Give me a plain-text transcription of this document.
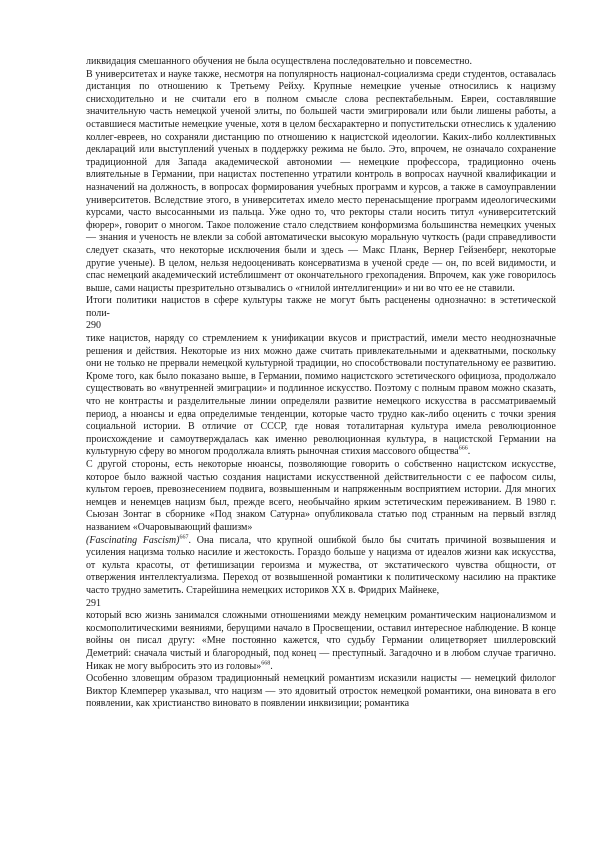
ликвидация смешанного обучения не была осуществлена последовательно и повсеместно.

В университетах и науке также, несмотря на популярность национал-социализма среди студентов, оставалась дистанция по отношению к Третьему Рейху. Крупные немецкие ученые относились к нацизму снисходительно и не считали его в полном смысле слова респектабельным. Евреи, составлявшие значительную часть немецкой ученой элиты, по большей части эмигрировали или были лишены работы, а оставшиеся маститые немецкие ученые, хотя в целом бесхарактерно и попустительски отнеслись к удалению коллег-евреев, но сохраняли дистанцию по отношению к нацистской идеологии. Каких-либо коллективных деклараций или выступлений ученых в поддержку режима не было. Это, впрочем, не означало сохранение традиционной для Запада академической автономии — немецкие профессора, традиционно очень влиятельные в Германии, при нацистах постепенно утратили контроль в вопросах научной квалификации и назначений на должность, в вопросах формирования учебных программ и курсов, а также в самоуправлении университетов. Вследствие этого, в университетах имело место перенасыщение программ идеологическими курсами, часто высосанными из пальца. Уже одно то, что ректоры стали носить титул «университетский фюрер», говорит о многом. Такое положение стало следствием конформизма большинства немецких ученых — знания и ученость не влекли за собой автоматически высокую моральную чуткость (ради справедливости следует сказать, что некоторые исключения были и здесь — Макс Планк, Вернер Гейзенберг, некоторые другие ученые). В целом, нельзя недооценивать консерватизма в ученой среде — он, по всей видимости, и спас немецкий академический истеблишмент от окончательного грехопадения. Впрочем, как уже говорилось выше, сами нацисты презрительно отзывались о «гнилой интеллигенции» и ни во что ее не ставили.

Итоги политики нацистов в сфере культуры также не могут быть расценены однозначно: в эстетической поли-

290

тике нацистов, наряду со стремлением к унификации вкусов и пристрастий, имели место неоднозначные решения и действия. Некоторые из них можно даже считать привлекательными и адекватными, поскольку они не только не прервали немецкой культурной традиции, но способствовали поступательному ее развитию. Кроме того, как было показано выше, в Германии, помимо нацистского эстетического официоза, продолжало существовать во «внутренней эмиграции» и подлинное искусство. Поэтому с полным правом можно сказать, что не контрасты и разделительные линии определяли развитие немецкого искусства в рассматриваемый период, а нюансы и едва определимые тенденции, которые часто трудно как-либо оценить с точки зрения социальной истории. В отличие от СССР, где новая тоталитарная культура имела революционное происхождение и самоутверждалась как именно революционная культура, в нацистской Германии на культурную сферу во многом продолжала влиять рыночная стихия массового общества$^{666}$.

С другой стороны, есть некоторые нюансы, позволяющие говорить о собственно нацистском искусстве, которое было важной частью создания нацистами искусственной действительности с ее пафосом силы, культом героев, превознесением подвига, возвышенным и напряженным восприятием истории. Для многих немцев и ненемцев нацизм был, прежде всего, необычайно ярким эстетическим переживанием. В 1980 г. Сьюзан Зонтаг в сборнике «Под знаком Сатурна» опубликовала статью под странным на первый взгляд названием «Очаровывающий фашизм»

(Fascinating Fascism)$^{667}$. Она писала, что крупной ошибкой было бы считать причиной возвышения и усиления нацизма только насилие и жестокость. Гораздо больше у нацизма от идеалов жизни как искусства, от культа красоты, от фетишизации героизма и мужества, от экстатического чувства общности, от отвержения интеллектуализма. Переход от возвышенной романтики к политическому насилию на практике часто трудно заметить. Старейшина немецких историков XX в. Фридрих Майнеке,

291

который всю жизнь занимался сложными отношениями между немецким романтическим национализмом и космополитическими веяниями, берущими начало в Просвещении, оставил интересное наблюдение. В конце войны он писал другу: «Мне постоянно кажется, что судьбу Германии олицетворяет шиллеровский Деметрий: сначала чистый и благородный, под конец — преступный. Загадочно и в любом случае трагично. Никак не могу выбросить это из головы»$^{668}$.

Особенно зловещим образом традиционный немецкий романтизм исказили нацисты — немецкий филолог Виктор Клемперер указывал, что нацизм — это ядовитый отросток немецкой романтики, она виновата в его появлении, как христианство виновато в появлении инквизиции; романтика
